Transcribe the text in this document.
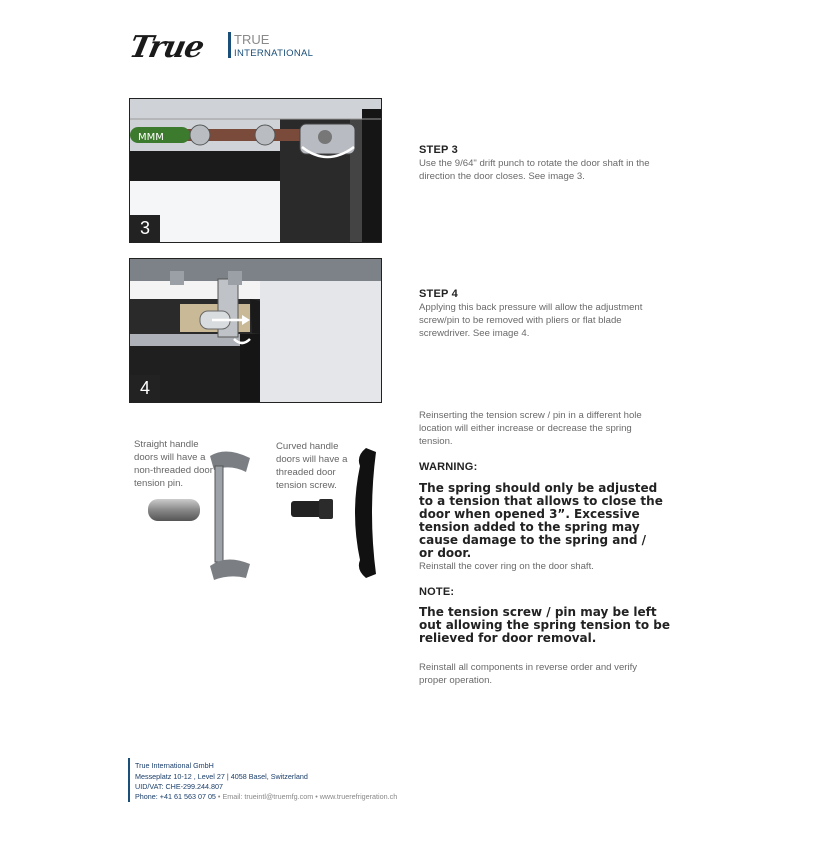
True TRUE
INTERNATIONAL
MMM
3
4
STEP 3
Use the 9/64" drift punch to rotate the door shaft in the direction the door closes. See image 3.
STEP 4
Applying this back pressure will allow the adjustment screw/pin to be removed with pliers or flat blade screwdriver. See image 4.
Straight handle doors will have a non-threaded door tension pin.
Curved handle doors will have a threaded door tension screw.
Reinserting the tension screw / pin in a different hole location will either increase or decrease the spring tension.
WARNING:
The spring should only be adjusted to a tension that allows to close the door when opened 3”. Excessive tension added to the spring may cause damage to the spring and / or door.
Reinstall the cover ring on the door shaft.
NOTE:
The tension screw / pin may be left out allowing the spring tension to be relieved for door removal.
Reinstall all components in reverse order and verify proper operation.
True International GmbH
Messeplatz 10-12 , Level 27 | 4058 Basel, Switzerland
UID/VAT: CHE-299.244.807
Phone: +41 61 563 07 05 • Email: trueintl@truemfg.com • www.truerefrigeration.ch
